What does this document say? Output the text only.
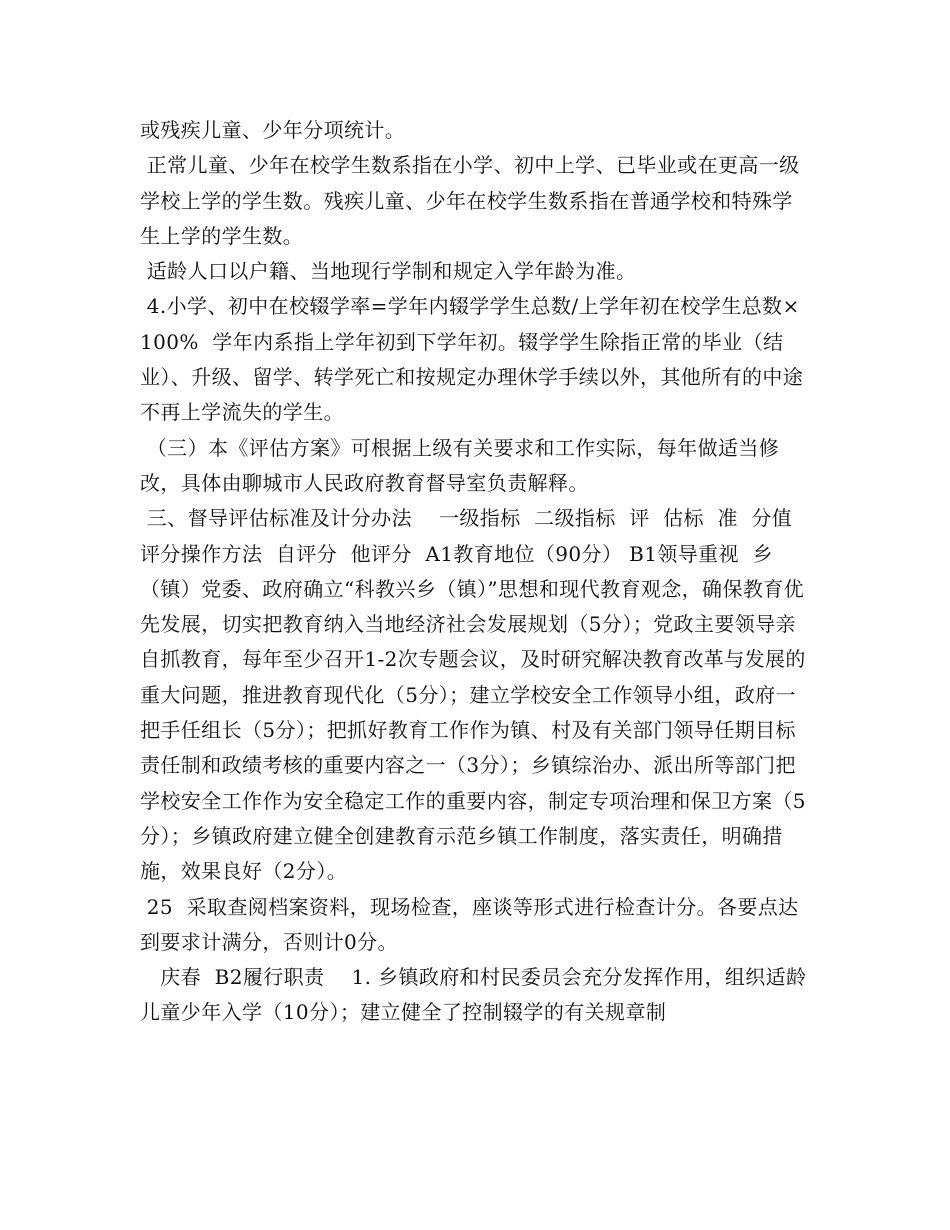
或残疾儿童、少年分项统计。

正常儿童、少年在校学生数系指在小学、初中上学、已毕业或在更高一级学校上学的学生数。残疾儿童、少年在校学生数系指在普通学校和特殊学生上学的学生数。

适龄人口以户籍、当地现行学制和规定入学年龄为准。

4.小学、初中在校辍学率=学年内辍学学生总数/上学年初在校学生总数×100%  学年内系指上学年初到下学年初。辍学学生除指正常的毕业（结业）、升级、留学、转学死亡和按规定办理休学手续以外，其他所有的中途不再上学流失的学生。

（三）本《评估方案》可根据上级有关要求和工作实际，每年做适当修改，具体由聊城市人民政府教育督导室负责解释。

三、督导评估标准及计分办法    一级指标  二级指标  评  估标  准  分值  评分操作方法  自评分  他评分  A1教育地位（90分） B1领导重视  乡（镇）党委、政府确立“科教兴乡（镇）”思想和现代教育观念，确保教育优先发展，切实把教育纳入当地经济社会发展规划（5分）；党政主要领导亲自抓教育，每年至少召开1-2次专题会议，及时研究解决教育改革与发展的重大问题，推进教育现代化（5分）；建立学校安全工作领导小组，政府一把手任组长（5分）；把抓好教育工作作为镇、村及有关部门领导任期目标责任制和政绩考核的重要内容之一（3分）；乡镇综治办、派出所等部门把学校安全工作作为安全稳定工作的重要内容，制定专项治理和保卫方案（5分）；乡镇政府建立健全创建教育示范乡镇工作制度，落实责任，明确措施，效果良好（2分）。

25  采取查阅档案资料，现场检查，座谈等形式进行检查计分。各要点达到要求计满分，否则计0分。

庆春  B2履行职责    1. 乡镇政府和村民委员会充分发挥作用，组织适龄儿童少年入学（10分）；建立健全了控制辍学的有关规章制
